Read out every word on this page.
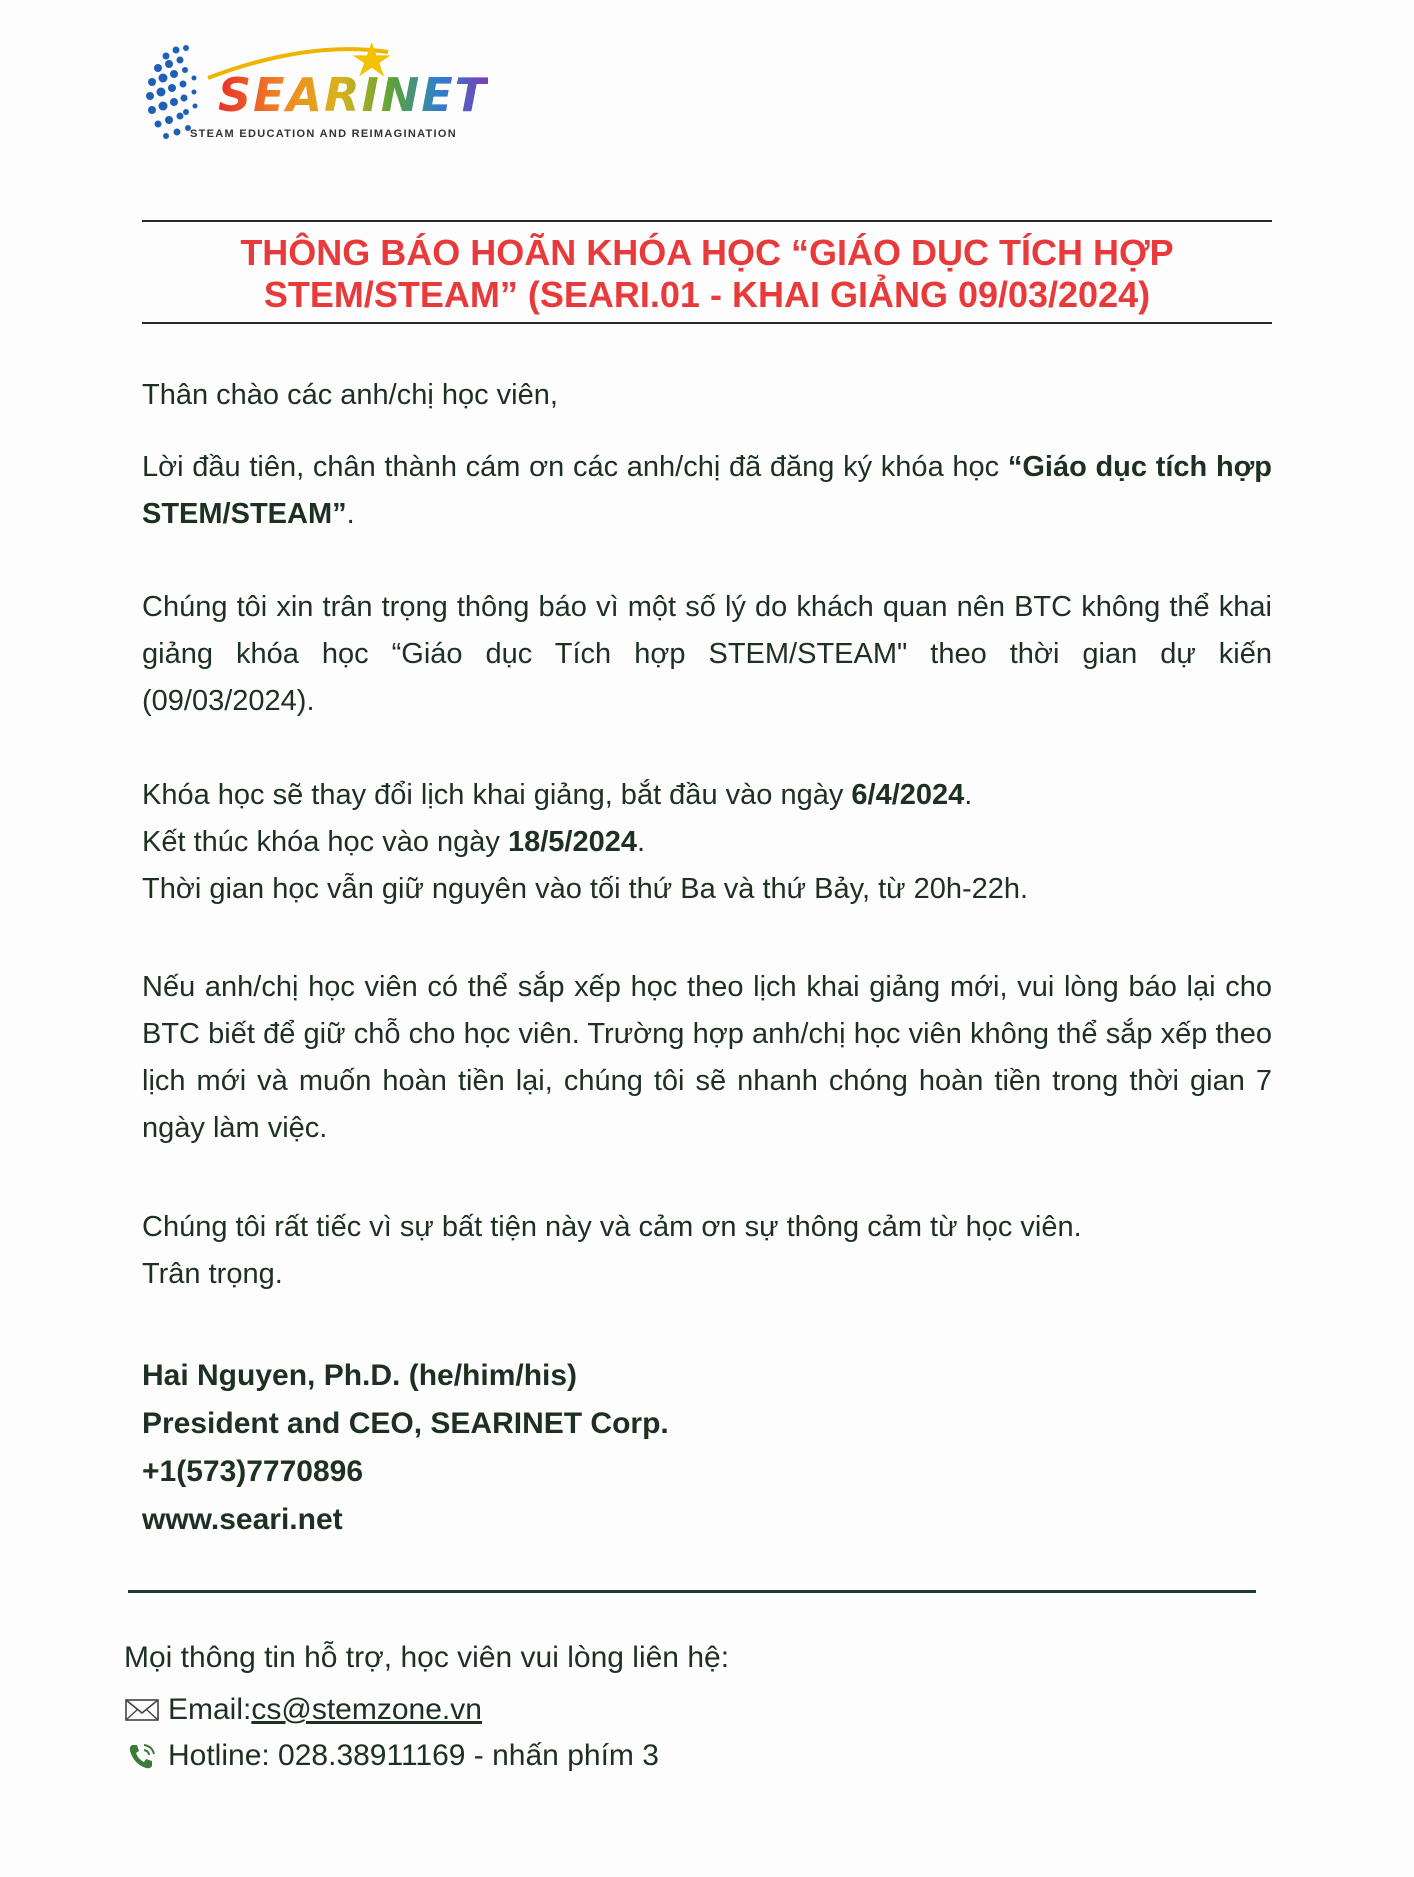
SEARINET
STEAM EDUCATION AND REIMAGINATION
THÔNG BÁO HOÃN KHÓA HỌC “GIÁO DỤC TÍCH HỢP
STEM/STEAM” (SEARI.01 - KHAI GIẢNG 09/03/2024)

Thân chào các anh/chị học viên,

Lời đầu tiên, chân thành cám ơn các anh/chị đã đăng ký khóa học “Giáo dục tích hợp STEM/STEAM”.

Chúng tôi xin trân trọng thông báo vì một số lý do khách quan nên BTC không thể khai giảng khóa học “Giáo dục Tích hợp STEM/STEAM" theo thời gian dự kiến (09/03/2024).

Khóa học sẽ thay đổi lịch khai giảng, bắt đầu vào ngày 6/4/2024.
Kết thúc khóa học vào ngày 18/5/2024.
Thời gian học vẫn giữ nguyên vào tối thứ Ba và thứ Bảy, từ 20h-22h.

Nếu anh/chị học viên có thể sắp xếp học theo lịch khai giảng mới, vui lòng báo lại cho BTC biết để giữ chỗ cho học viên. Trường hợp anh/chị học viên không thể sắp xếp theo lịch mới và muốn hoàn tiền lại, chúng tôi sẽ nhanh chóng hoàn tiền trong thời gian 7 ngày làm việc.

Chúng tôi rất tiếc vì sự bất tiện này và cảm ơn sự thông cảm từ học viên.
Trân trọng.

Hai Nguyen, Ph.D. (he/him/his)
President and CEO, SEARINET Corp.
+1(573)7770896
www.seari.net
Mọi thông tin hỗ trợ, học viên vui lòng liên hệ:
Email: cs@stemzone.vn
Hotline: 028.38911169 - nhấn phím 3
